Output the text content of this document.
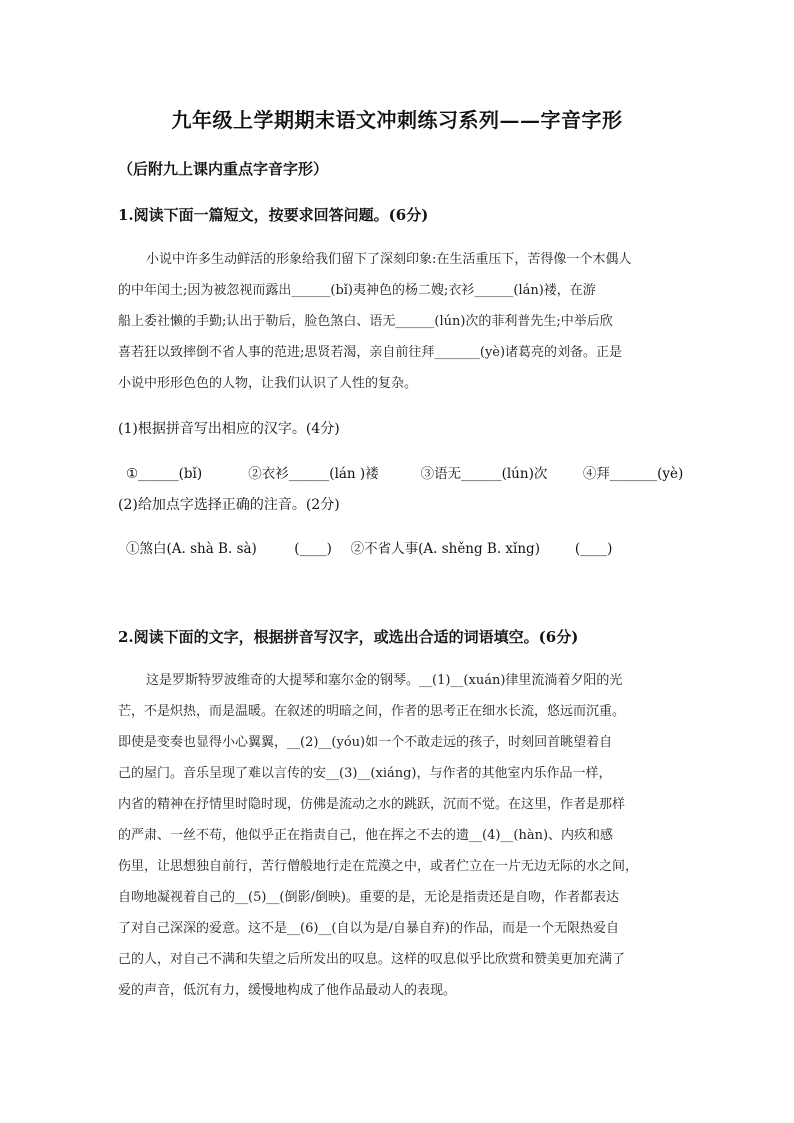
九年级上学期期末语文冲刺练习系列——字音字形
（后附九上课内重点字音字形）
1.阅读下面一篇短文，按要求回答问题。(6分)
小说中许多生动鲜活的形象给我们留下了深刻印象:在生活重压下，苦得像一个木偶人
的中年闰土;因为被忽视而露出______(bǐ)夷神色的杨二嫂;衣衫______(lán)褛，在游
船上委社懒的手勤;认出于勒后，脸色煞白、语无______(lún)次的菲利普先生;中举后欣
喜若狂以致摔倒不省人事的范进;思贤若渴，亲自前往拜_______(yè)诸葛亮的刘备。正是
小说中形形色色的人物，让我们认识了人性的复杂。
(1)根据拼音写出相应的汉字。(4分)
①______(bǐ)	②衣衫______(lán )褛	③语无______(lún)次	④拜_______(yè)
(2)给加点字选择正确的注音。(2分)
①煞白(A. shà B. sà)	(____) ②不省人事(A. shěng B. xǐng)	(____)
2.阅读下面的文字，根据拼音写汉字，或选出合适的词语填空。(6分)
这是罗斯特罗波维奇的大提琴和塞尔金的钢琴。__(1)__(xuán)律里流淌着夕阳的光
芒，不是炽热，而是温暖。在叙述的明暗之间，作者的思考正在细水长流，悠远而沉重。
即使是变奏也显得小心翼翼，__(2)__(yóu)如一个不敢走远的孩子，时刻回首眺望着自
己的屋门。音乐呈现了难以言传的安__(3)__(xiáng)，与作者的其他室内乐作品一样，
内省的精神在抒情里时隐时现，仿佛是流动之水的跳跃，沉而不觉。在这里，作者是那样
的严肃、一丝不苟，他似乎正在指责自己，他在挥之不去的遗__(4)__(hàn)、内疚和感
伤里，让思想独自前行，苦行僧般地行走在荒漠之中，或者伫立在一片无边无际的水之间，
自吻地凝视着自己的__(5)__(倒影/倒映)。重要的是，无论是指责还是自吻，作者都表达
了对自己深深的爱意。这不是__(6)__(自以为是/自暴自弃)的作品，而是一个无限热爱自
己的人，对自己不满和失望之后所发出的叹息。这样的叹息似乎比欣赏和赞美更加充满了
爱的声音，低沉有力，缓慢地构成了他作品最动人的表现。
